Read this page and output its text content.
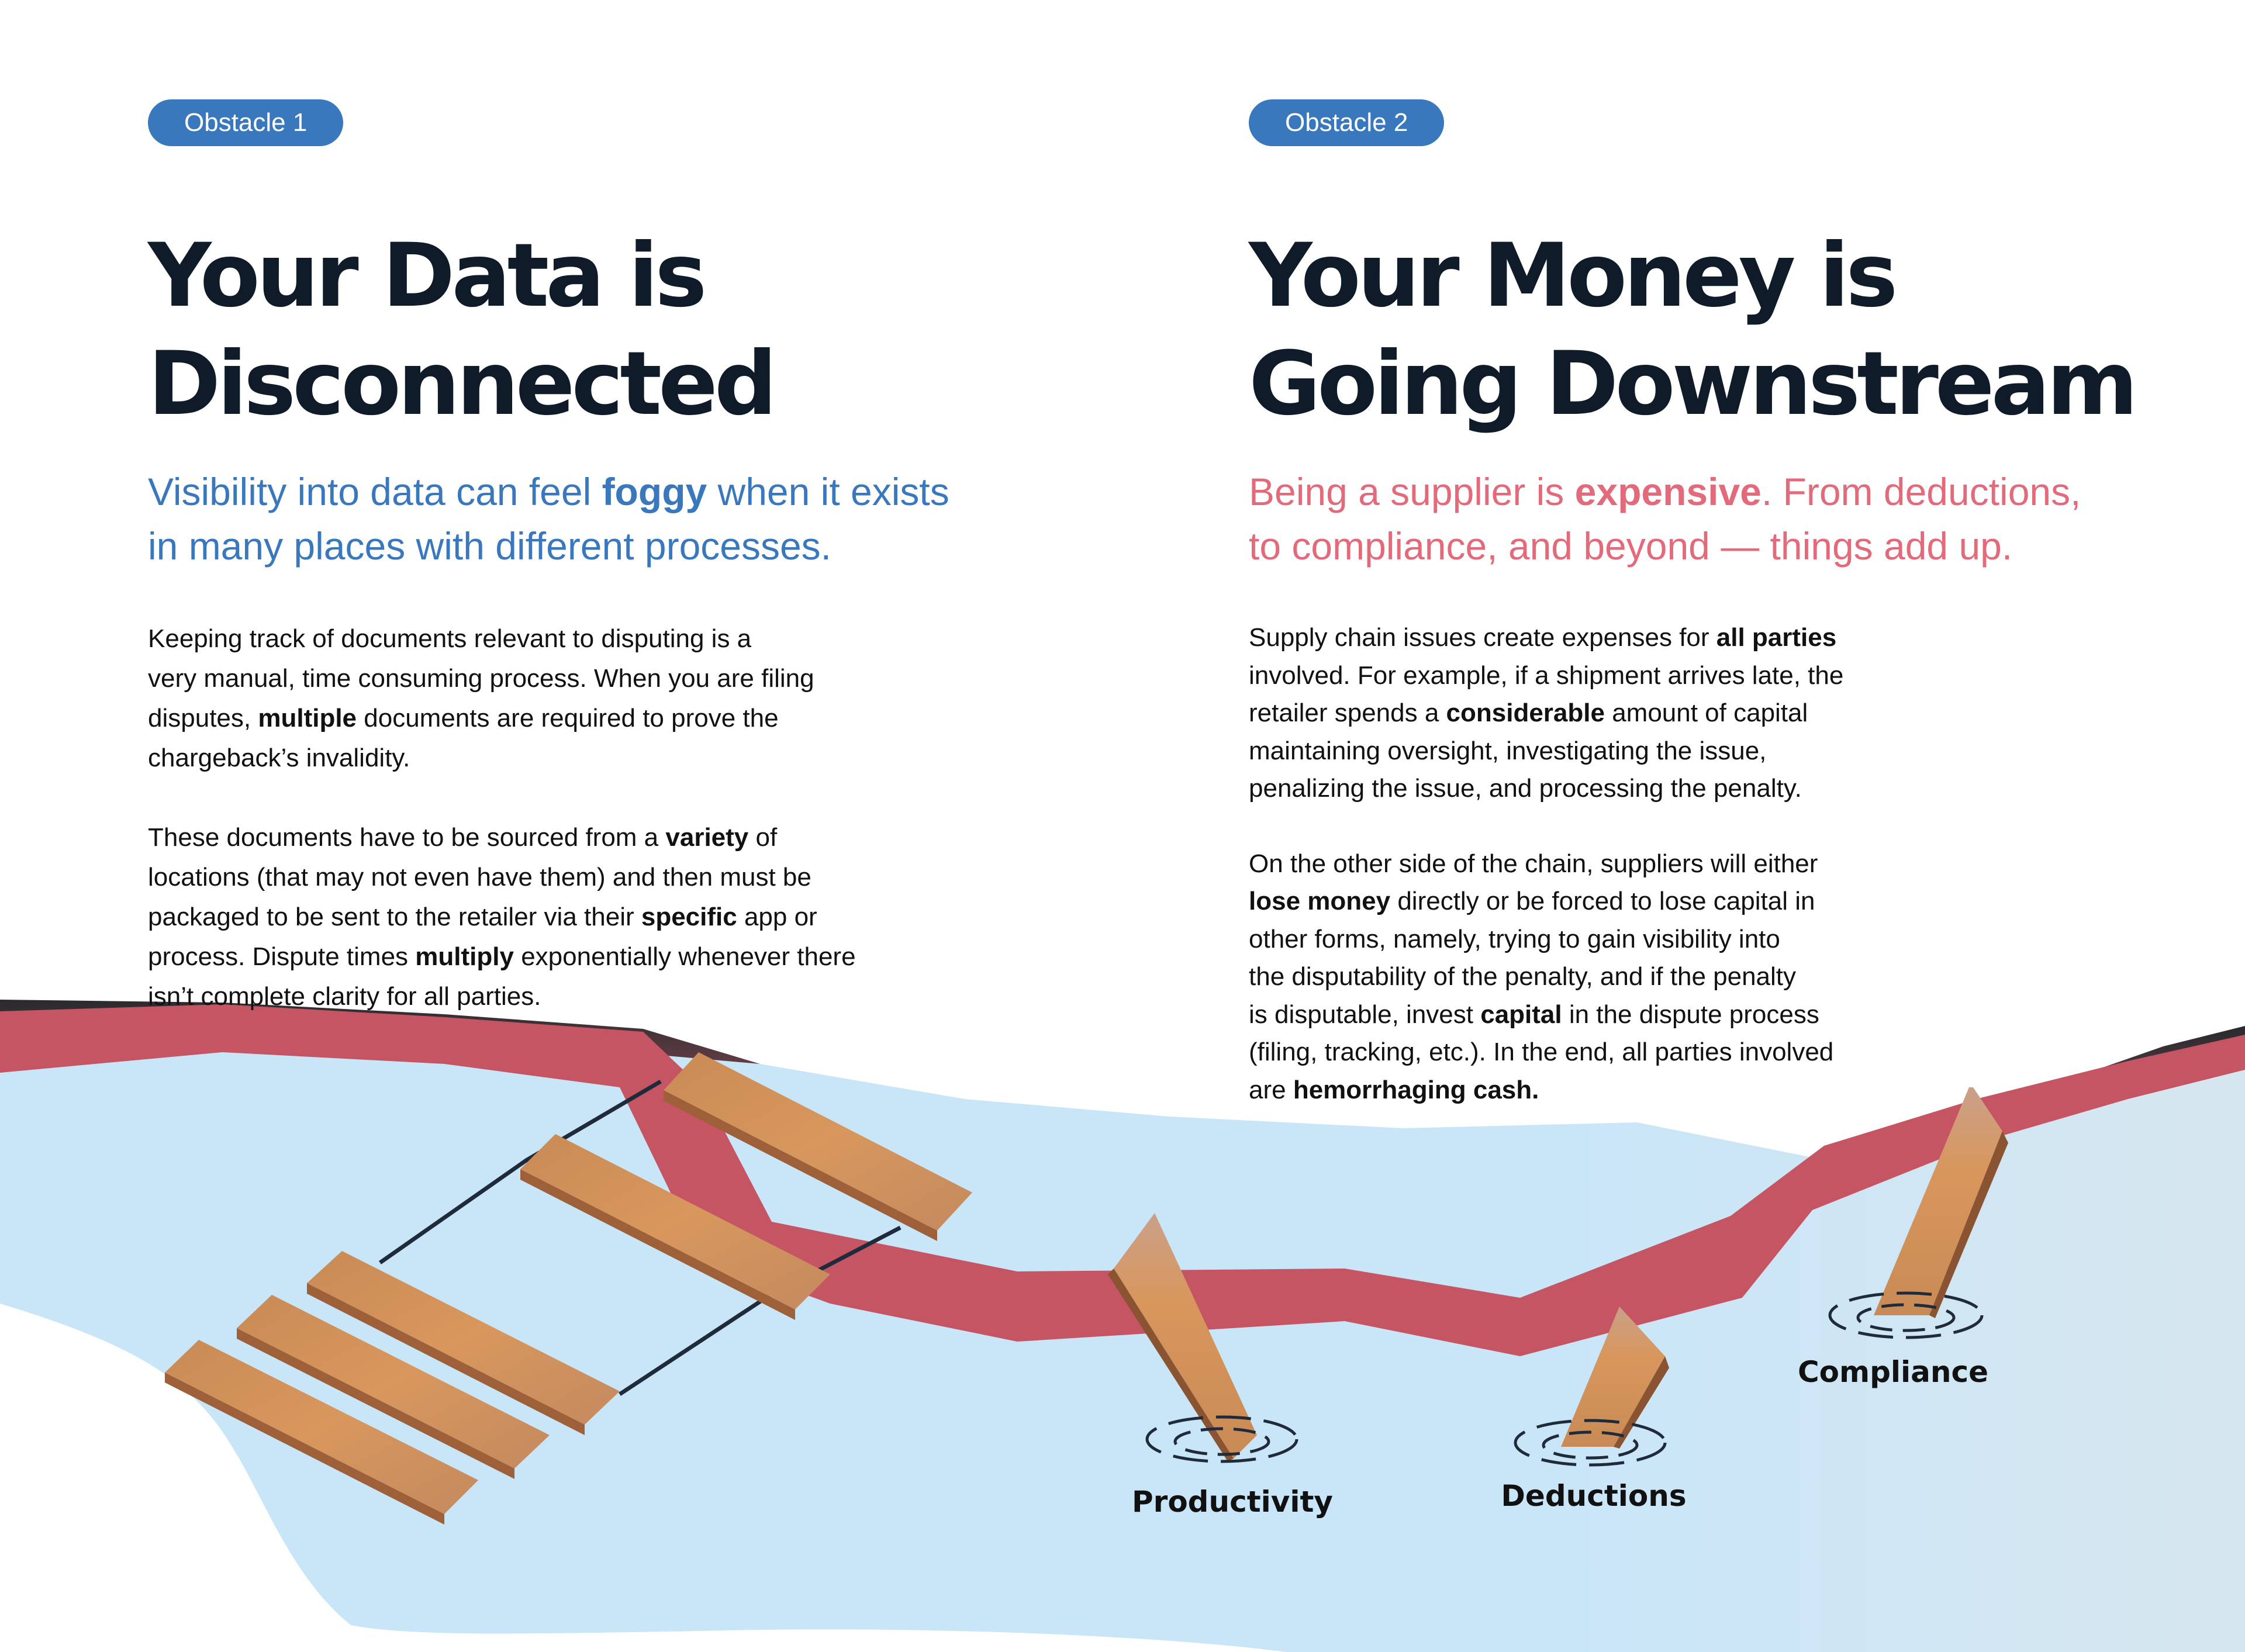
Obstacle 1
Your Data is
Disconnected
Visibility into data can feel foggy when it exists
in many places with different processes.
Keeping track of documents relevant to disputing is a
very manual, time consuming process. When you are filing
disputes, multiple documents are required to prove the
chargeback’s invalidity.
These documents have to be sourced from a variety of
locations (that may not even have them) and then must be
packaged to be sent to the retailer via their specific app or
process. Dispute times multiply exponentially whenever there
isn’t complete clarity for all parties.
Obstacle 2
Your Money is
Going Downstream
Being a supplier is expensive. From deductions,
to compliance, and beyond — things add up.
Supply chain issues create expenses for all parties
involved. For example, if a shipment arrives late, the
retailer spends a considerable amount of capital
maintaining oversight, investigating the issue,
penalizing the issue, and processing the penalty.
On the other side of the chain, suppliers will either
lose money directly or be forced to lose capital in
other forms, namely, trying to gain visibility into
the disputability of the penalty, and if the penalty
is disputable, invest capital in the dispute process
(filing, tracking, etc.). In the end, all parties involved
are hemorrhaging cash.
Productivity	Deductions
Compliance
